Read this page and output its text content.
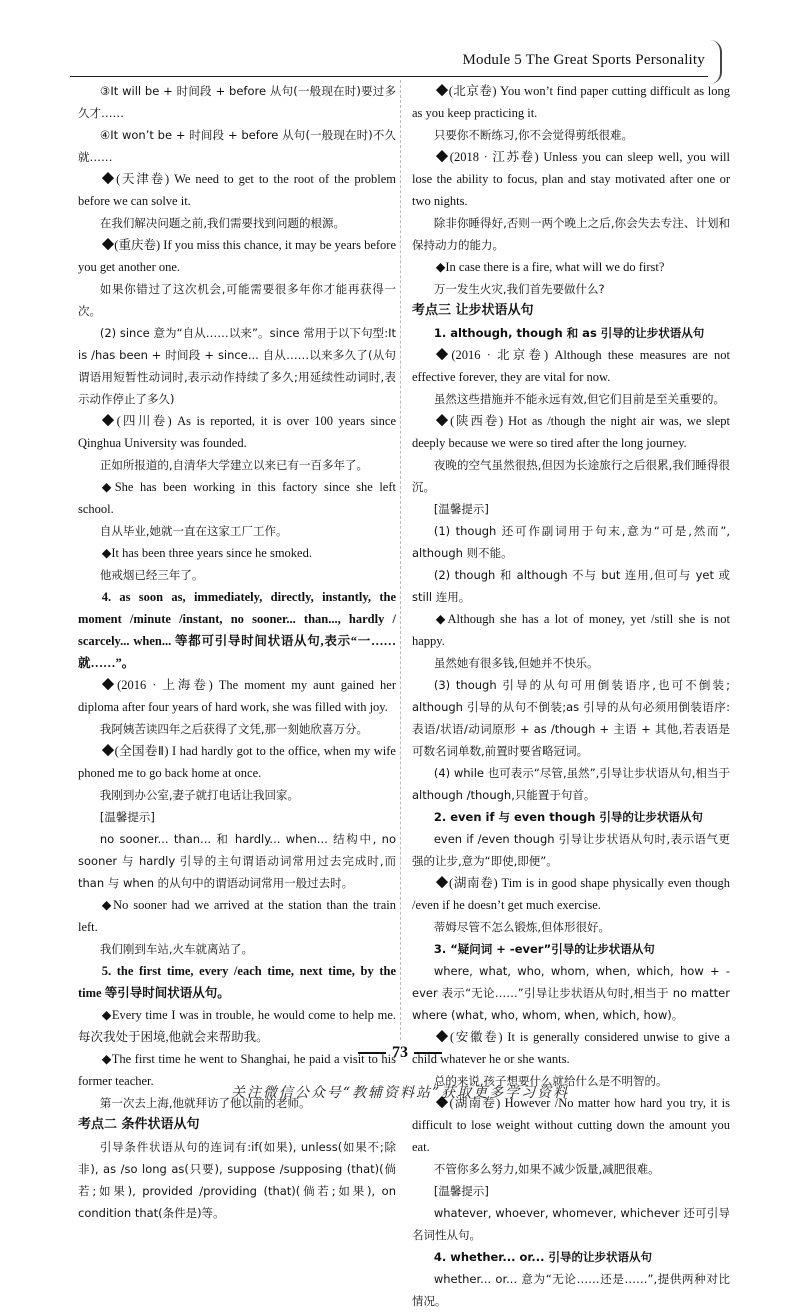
Module 5 The Great Sports Personality

③It will be + 时间段 + before 从句(一般现在时)要过多久才……

④It won’t be + 时间段 + before 从句(一般现在时)不久就……

◆(天津卷) We need to get to the root of the problem before we can solve it.

在我们解决问题之前,我们需要找到问题的根源。

◆(重庆卷) If you miss this chance, it may be years before you get another one.

如果你错过了这次机会,可能需要很多年你才能再获得一次。

(2) since 意为“自从……以来”。since 常用于以下句型:It is /has been + 时间段 + since... 自从……以来多久了(从句谓语用短暂性动词时,表示动作持续了多久;用延续性动词时,表示动作停止了多久)

◆(四川卷) As is reported, it is over 100 years since Qinghua University was founded.

正如所报道的,自清华大学建立以来已有一百多年了。

◆She has been working in this factory since she left school.

自从毕业,她就一直在这家工厂工作。

◆It has been three years since he smoked.

他戒烟已经三年了。

4. as soon as, immediately, directly, instantly, the moment /minute /instant, no sooner... than..., hardly / scarcely... when... 等都可引导时间状语从句,表示“一……就……”。

◆(2016 · 上海卷) The moment my aunt gained her diploma after four years of hard work, she was filled with joy.

我阿姨苦读四年之后获得了文凭,那一刻她欣喜万分。

◆(全国卷Ⅱ) I had hardly got to the office, when my wife phoned me to go back home at once.

我刚到办公室,妻子就打电话让我回家。

[温馨提示]

no sooner... than... 和 hardly... when... 结构中, no sooner 与 hardly 引导的主句谓语动词常用过去完成时,而 than 与 when 的从句中的谓语动词常用一般过去时。

◆No sooner had we arrived at the station than the train left.

我们刚到车站,火车就离站了。

5. the first time, every /each time, next time, by the time 等引导时间状语从句。

◆Every time I was in trouble, he would come to help me. 每次我处于困境,他就会来帮助我。

◆The first time he went to Shanghai, he paid a visit to his former teacher.

第一次去上海,他就拜访了他以前的老师。

考点二 条件状语从句

引导条件状语从句的连词有:if(如果), unless(如果不;除非), as /so long as(只要), suppose /supposing (that)(倘若;如果), provided /providing (that)(倘若;如果), on condition that(条件是)等。

◆(北京卷) You won’t find paper cutting difficult as long as you keep practicing it.

只要你不断练习,你不会觉得剪纸很难。

◆(2018 · 江苏卷) Unless you can sleep well, you will lose the ability to focus, plan and stay motivated after one or two nights.

除非你睡得好,否则一两个晚上之后,你会失去专注、计划和保持动力的能力。

◆In case there is a fire, what will we do first?

万一发生火灾,我们首先要做什么?

考点三 让步状语从句

1. although, though 和 as 引导的让步状语从句

◆(2016 · 北京卷) Although these measures are not effective forever, they are vital for now.

虽然这些措施并不能永远有效,但它们目前是至关重要的。

◆(陕西卷) Hot as /though the night air was, we slept deeply because we were so tired after the long journey.

夜晚的空气虽然很热,但因为长途旅行之后很累,我们睡得很沉。

[温馨提示]

(1) though 还可作副词用于句末,意为“可是,然而”, although 则不能。

(2) though 和 although 不与 but 连用,但可与 yet 或 still 连用。

◆Although she has a lot of money, yet /still she is not happy.

虽然她有很多钱,但她并不快乐。

(3) though 引导的从句可用倒装语序,也可不倒装; although 引导的从句不倒装;as 引导的从句必须用倒装语序:表语/状语/动词原形 + as /though + 主语 + 其他,若表语是可数名词单数,前置时要省略冠词。

(4) while 也可表示“尽管,虽然”,引导让步状语从句,相当于 although /though,只能置于句首。

2. even if 与 even though 引导的让步状语从句

even if /even though 引导让步状语从句时,表示语气更强的让步,意为“即使,即便”。

◆(湖南卷) Tim is in good shape physically even though /even if he doesn’t get much exercise.

蒂姆尽管不怎么锻炼,但体形很好。

3. “疑问词 + -ever”引导的让步状语从句

where, what, who, whom, when, which, how + -ever 表示“无论……”引导让步状语从句时,相当于 no matter where (what, who, whom, when, which, how)。

◆(安徽卷) It is generally considered unwise to give a child whatever he or she wants.

总的来说,孩子想要什么就给什么是不明智的。

◆(湖南卷) However /No matter how hard you try, it is difficult to lose weight without cutting down the amount you eat.

不管你多么努力,如果不减少饭量,减肥很难。

[温馨提示]

whatever, whoever, whomever, whichever 还可引导名词性从句。

4. whether... or... 引导的让步状语从句

whether... or... 意为“无论……还是……”,提供两种对比情况。

73
关注微信公众号“教辅资料站”获取更多学习资料
